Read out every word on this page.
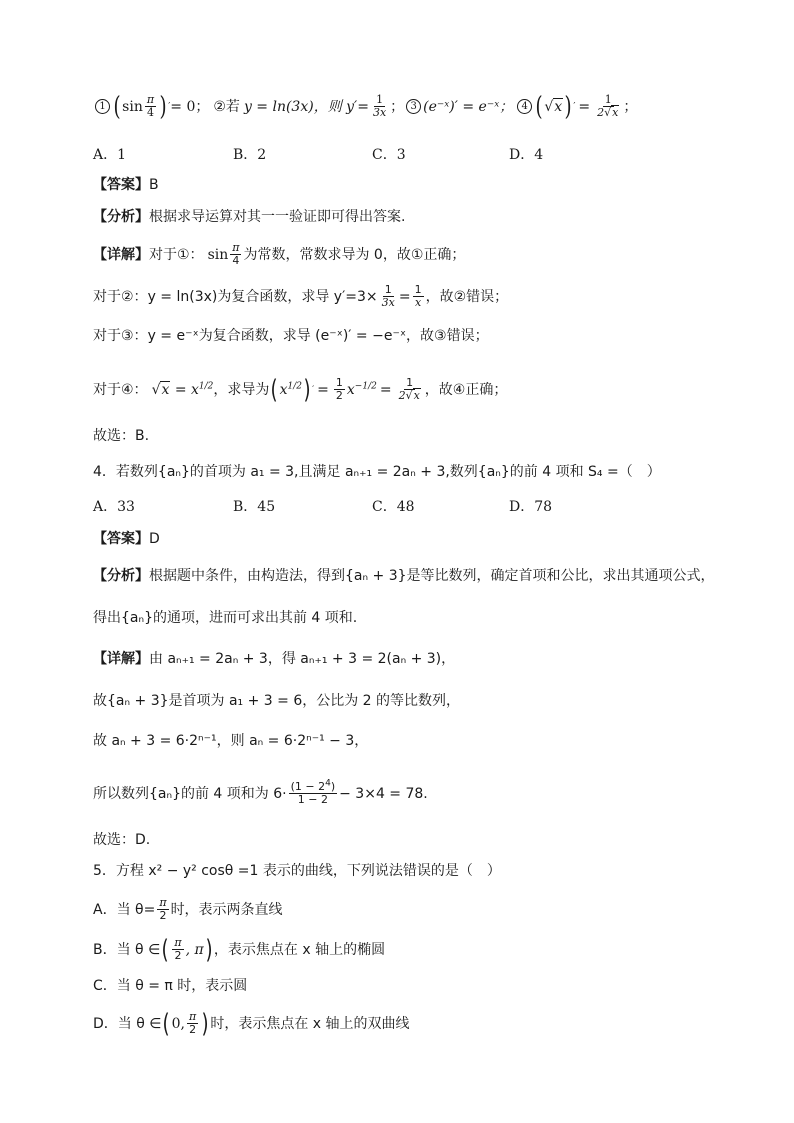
1 ( $\sin \frac{\pi}{4}$ ) ′ = 0； ②若 y = ln(3x)，则 $y'= \frac{1}{3x}$ ； 3 (e⁻ˣ)′ = e⁻ˣ； 4 ( √x ) ′ = $\frac{1}{2√x}$ ；
A．1	B．2	C．3	D．4
【答案】 B
【分析】 根据求导运算对其一一验证即可得出答案.
【详解】 对于①： $\sin \frac{\pi}{4}$ 为常数，常数求导为 0，故①正确；
对于②： y = ln(3x)为复合函数，求导 $y'=3\times \frac{1}{3x} = \frac{1}{x}$ ，故②错误；
对于③： y = e⁻ˣ为复合函数，求导 (e⁻ˣ)′ = −e⁻ˣ，故③错误；
对于④： $√x = x^{1/2}$ ，求导为 ( $x^{1/2}$ ) ′ = $\frac{1}{2} x^{-1/2} = \frac{1}{2√x}$ ，故④正确；
故选：B.
4．若数列{aₙ}的首项为 a₁ = 3,且满足 aₙ₊₁ = 2aₙ + 3,数列{aₙ}的前 4 项和 S₄ =（　）
A．33	B．45	C．48	D．78
【答案】 D
【分析】 根据题中条件，由构造法，得到{aₙ + 3}是等比数列，确定首项和公比，求出其通项公式，
得出{aₙ}的通项，进而可求出其前 4 项和.
【详解】 由 aₙ₊₁ = 2aₙ + 3，得 aₙ₊₁ + 3 = 2(aₙ + 3)，
故{aₙ + 3}是首项为 a₁ + 3 = 6，公比为 2 的等比数列，
故 aₙ + 3 = 6·2ⁿ⁻¹，则 aₙ = 6·2ⁿ⁻¹ − 3，
所以数列{aₙ}的前 4 项和为 $6\cdot \frac{(1 - 2^4)}{1 - 2} - 3\times 4 = 78$.
故选：D.
5．方程 x² − y² cosθ =1 表示的曲线，下列说法错误的是（　）
A．当 $\theta= \frac{\pi}{2}$ 时，表示两条直线
B．当 θ ∈ ( $\frac{\pi}{2}$ , π ) ，表示焦点在 x 轴上的椭圆
C．当 θ = π 时，表示圆
D．当 θ ∈ ( 0, $\frac{\pi}{2}$ ) 时，表示焦点在 x 轴上的双曲线
